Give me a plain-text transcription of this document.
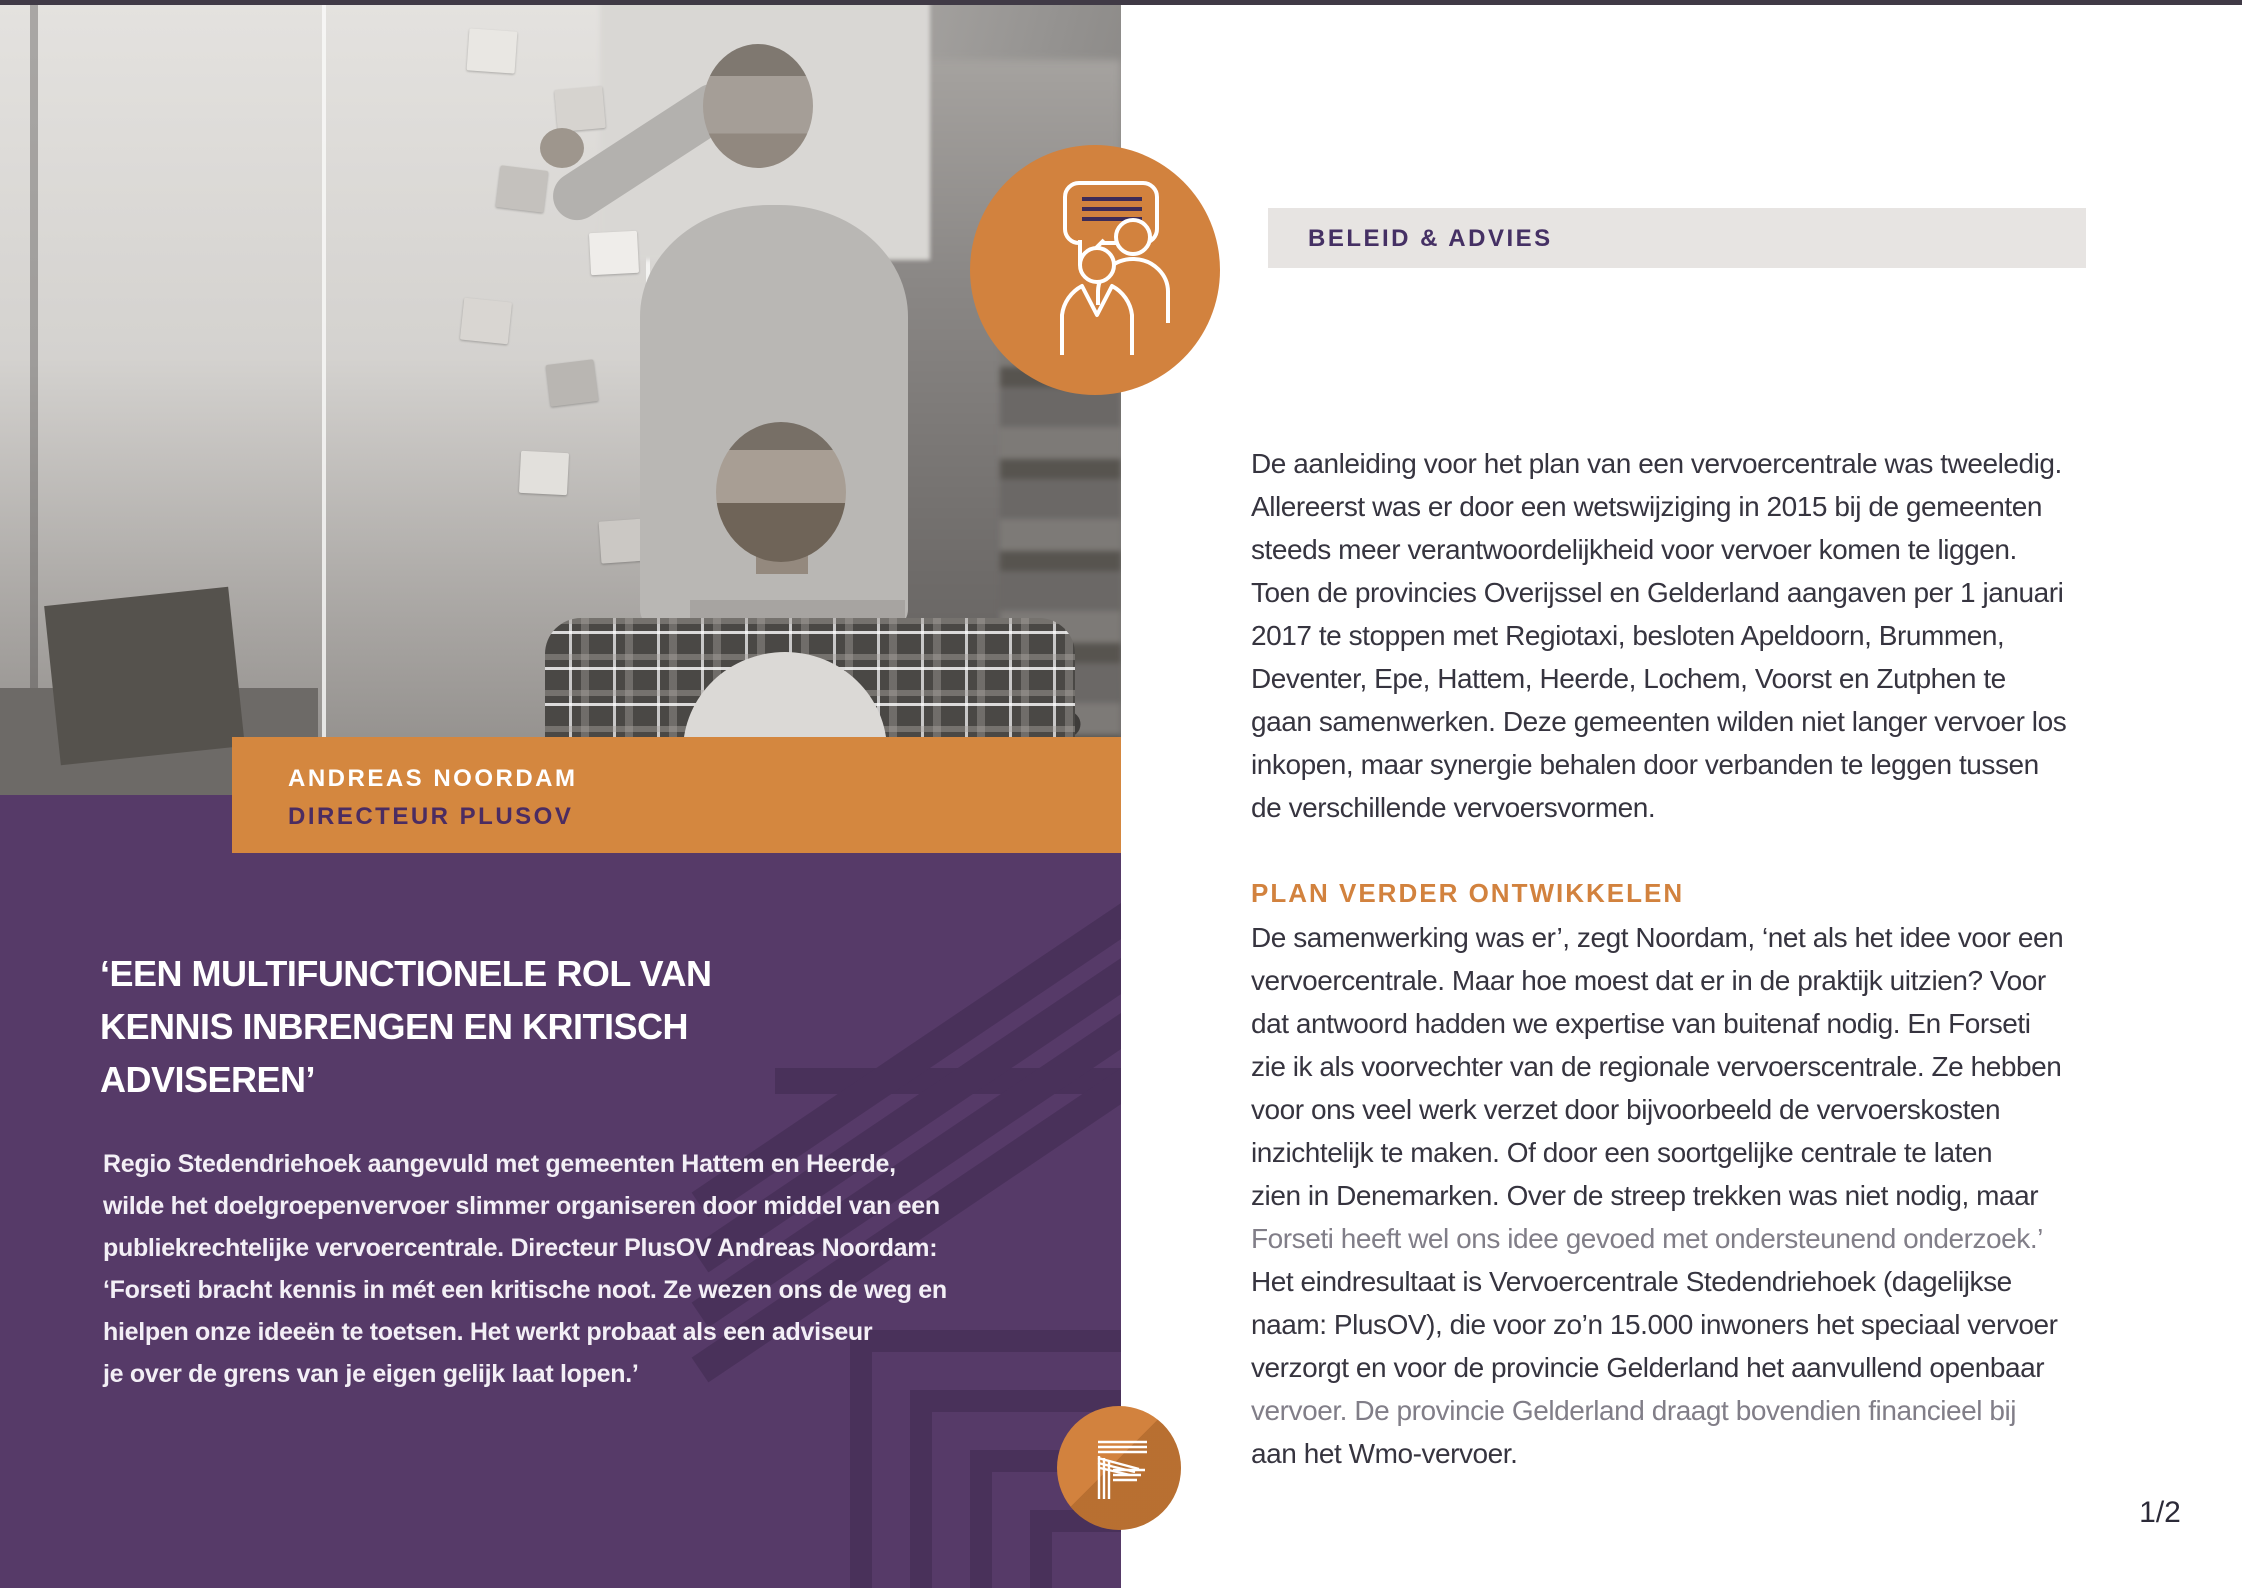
‘EEN MULTIFUNCTIONELE ROL VAN
KENNIS INBRENGEN EN KRITISCH
ADVISEREN’
Regio Stedendriehoek aangevuld met gemeenten Hattem en Heerde,
wilde het doelgroepenvervoer slimmer organiseren door middel van een
publiekrechtelijke vervoercentrale. Directeur PlusOV Andreas Noordam:
‘Forseti bracht kennis in mét een kritische noot. Ze wezen ons de weg en
hielpen onze ideeën te toetsen. Het werkt probaat als een adviseur
je over de grens van je eigen gelijk laat lopen.’
ANDREAS NOORDAM
DIRECTEUR PLUSOV
BELEID & ADVIES
De aanleiding voor het plan van een vervoercentrale was tweeledig.
Allereerst was er door een wetswijziging in 2015 bij de gemeenten
steeds meer verantwoordelijkheid voor vervoer komen te liggen.
Toen de provincies Overijssel en Gelderland aangaven per 1 januari
2017 te stoppen met Regiotaxi, besloten Apeldoorn, Brummen,
Deventer, Epe, Hattem, Heerde, Lochem, Voorst en Zutphen te
gaan samenwerken. Deze gemeenten wilden niet langer vervoer los
inkopen, maar synergie behalen door verbanden te leggen tussen
de verschillende vervoersvormen.
PLAN VERDER ONTWIKKELEN
De samenwerking was er’, zegt Noordam, ‘net als het idee voor een
vervoercentrale. Maar hoe moest dat er in de praktijk uitzien? Voor
dat antwoord hadden we expertise van buitenaf nodig. En Forseti
zie ik als voorvechter van de regionale vervoerscentrale. Ze hebben
voor ons veel werk verzet door bijvoorbeeld de vervoerskosten
inzichtelijk te maken. Of door een soortgelijke centrale te laten
zien in Denemarken. Over de streep trekken was niet nodig, maar
Forseti heeft wel ons idee gevoed met ondersteunend onderzoek.’
Het eindresultaat is Vervoercentrale Stedendriehoek (dagelijkse
naam: PlusOV), die voor zo’n 15.000 inwoners het speciaal vervoer
verzorgt en voor de provincie Gelderland het aanvullend openbaar
vervoer. De provincie Gelderland draagt bovendien financieel bij
aan het Wmo-vervoer.
1/2
